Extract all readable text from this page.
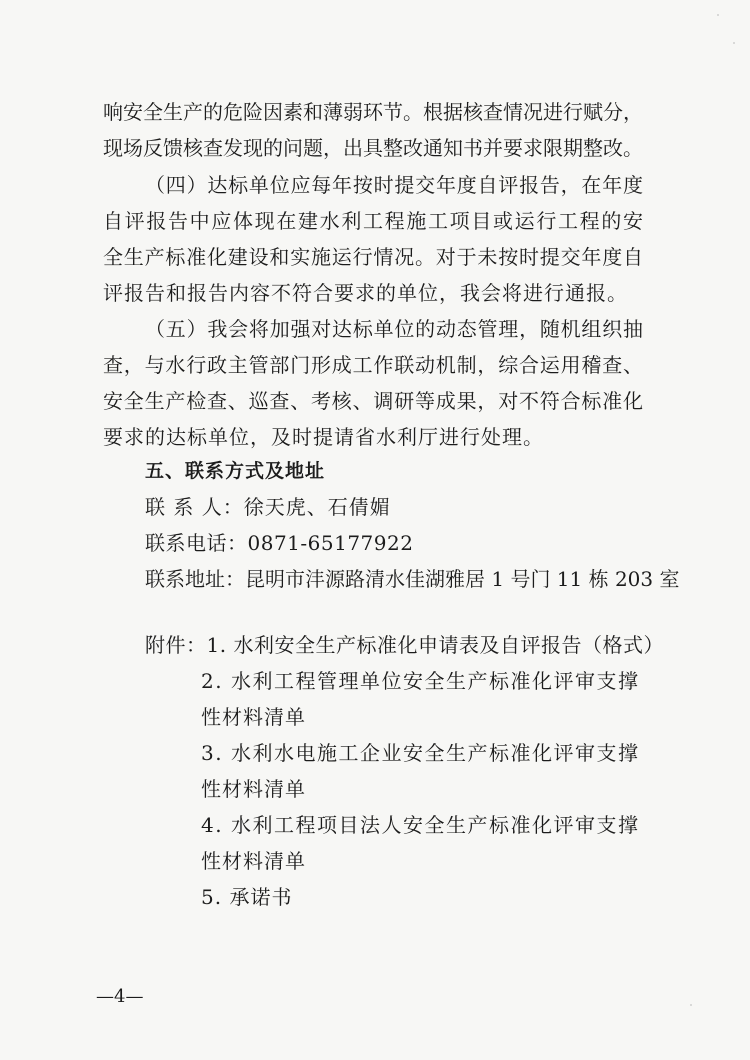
响安全生产的危险因素和薄弱环节。根据核查情况进行赋分，
现场反馈核查发现的问题，出具整改通知书并要求限期整改。
（四）达标单位应每年按时提交年度自评报告，在年度
自评报告中应体现在建水利工程施工项目或运行工程的安
全生产标准化建设和实施运行情况。对于未按时提交年度自
评报告和报告内容不符合要求的单位，我会将进行通报。
（五）我会将加强对达标单位的动态管理，随机组织抽
查，与水行政主管部门形成工作联动机制，综合运用稽查、
安全生产检查、巡查、考核、调研等成果，对不符合标准化
要求的达标单位，及时提请省水利厅进行处理。
五、联系方式及地址
联 系 人：徐天虎、石倩媚
联系电话：0871-65177922
联系地址：昆明市沣源路清水佳湖雅居 1 号门 11 栋 203 室
附件：1. 水利安全生产标准化申请表及自评报告（格式）
2. 水利工程管理单位安全生产标准化评审支撑
性材料清单
3. 水利水电施工企业安全生产标准化评审支撑
性材料清单
4. 水利工程项目法人安全生产标准化评审支撑
性材料清单
5. 承诺书
—4—
